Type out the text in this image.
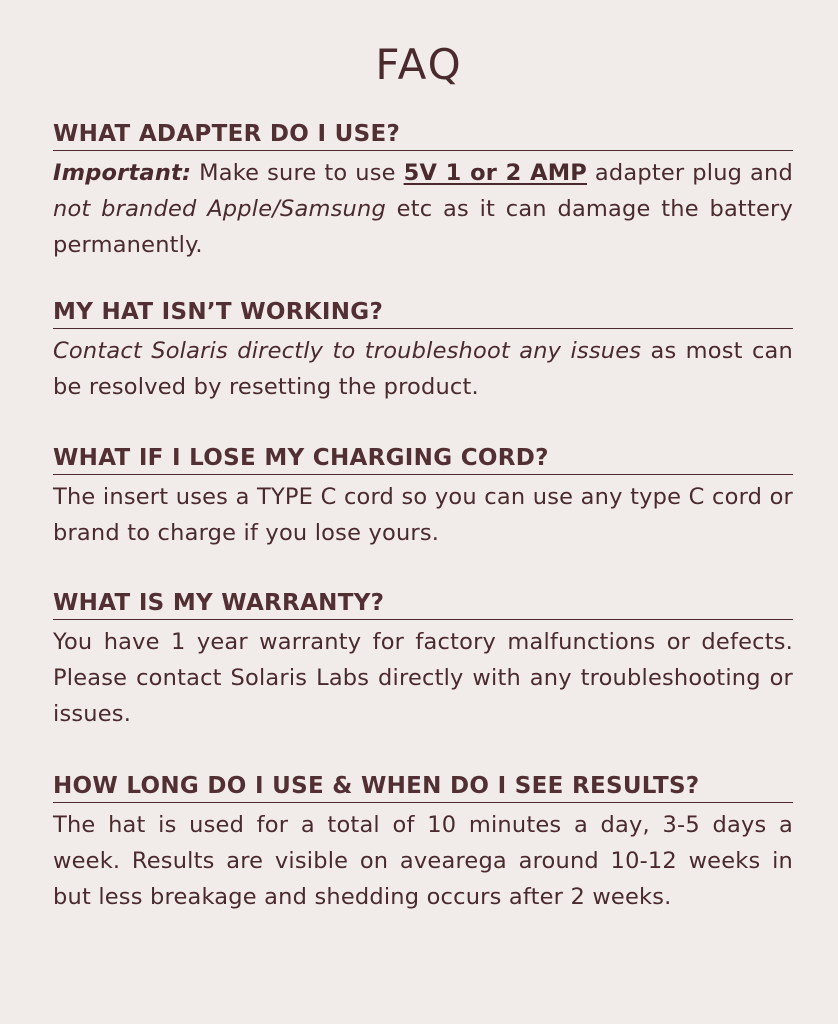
FAQ
WHAT ADAPTER DO I USE?
Important: Make sure to use 5V 1 or 2 AMP adapter plug and not branded Apple/Samsung etc as it can damage the battery permanently.
MY HAT ISN’T WORKING?
Contact Solaris directly to troubleshoot any issues as most can be resolved by resetting the product.
WHAT IF I LOSE MY CHARGING CORD?
The insert uses a TYPE C cord so you can use any type C cord or brand to charge if you lose yours.
WHAT IS MY WARRANTY?
You have 1 year warranty for factory malfunctions or defects. Please contact Solaris Labs directly with any troubleshooting or issues.
HOW LONG DO I USE & WHEN DO I SEE RESULTS?
The hat is used for a total of 10 minutes a day, 3-5 days a week. Results are visible on avearega around 10-12 weeks in but less breakage and shedding occurs after 2 weeks.
